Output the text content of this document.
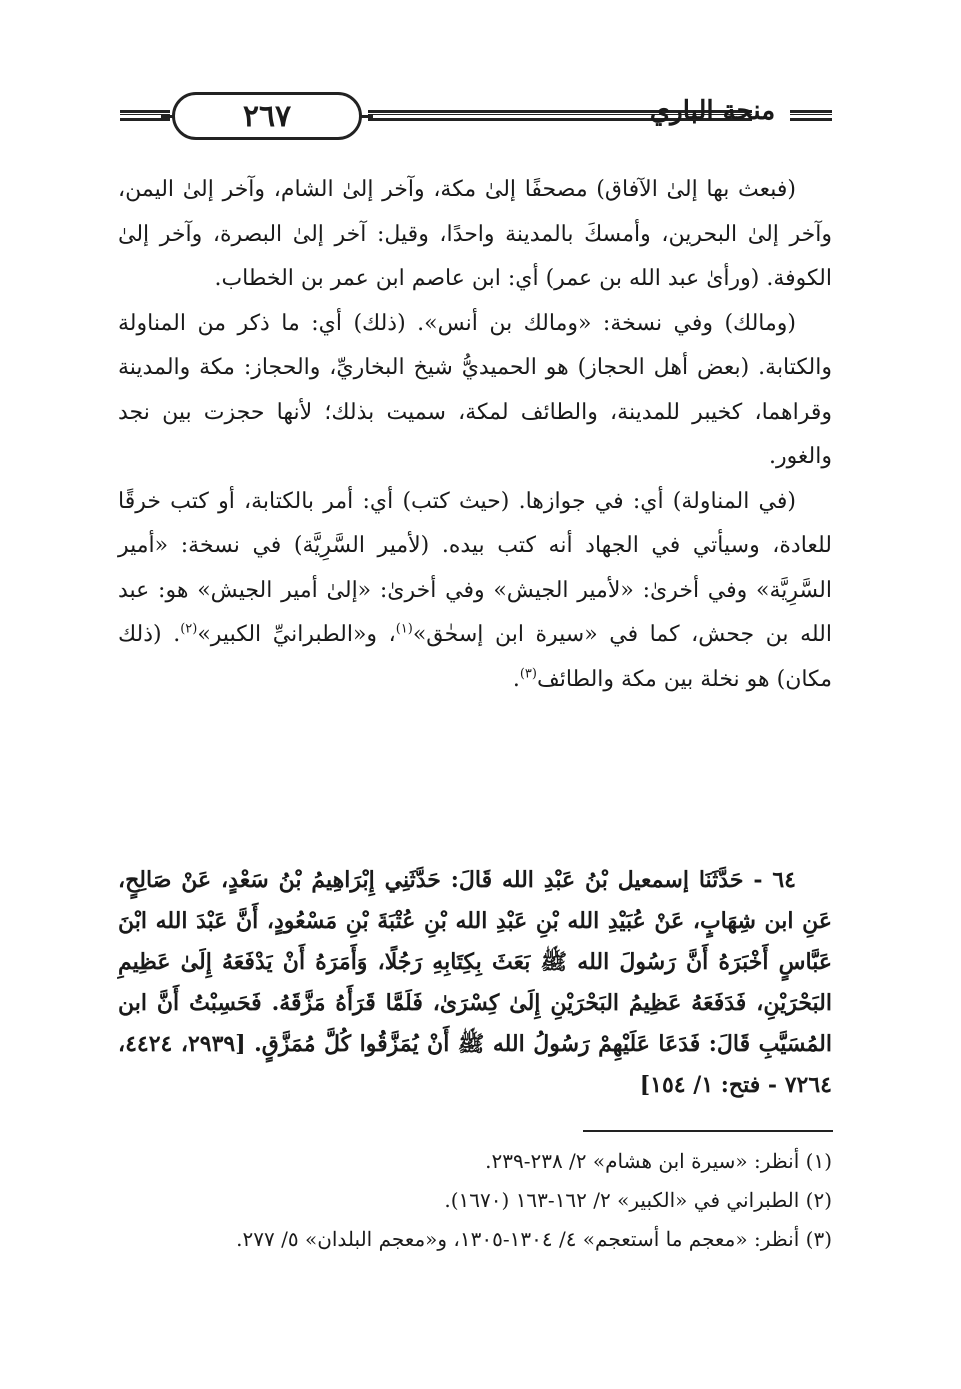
٢٦٧	منحة الباري

(فبعث بها إلىٰ الآفاق) مصحفًا إلىٰ مكة، وآخر إلىٰ الشام، وآخر إلىٰ اليمن، وآخر إلىٰ البحرين، وأمسكَ بالمدينة واحدًا، وقيل: آخر إلىٰ البصرة، وآخر إلىٰ الكوفة. (ورأىٰ عبد الله بن عمر) أي: ابن عاصم ابن عمر بن الخطاب.

(ومالك) وفي نسخة: «ومالك بن أنس». (ذلك) أي: ما ذكر من المناولة والكتابة. (بعض أهل الحجاز) هو الحميديُّ شيخ البخاريِّ، والحجاز: مكة والمدينة وقراهما، كخيبر للمدينة، والطائف لمكة، سميت بذلك؛ لأنها حجزت بين نجد والغور.

(في المناولة) أي: في جوازها. (حيث كتب) أي: أمر بالكتابة، أو كتب خرقًا للعادة، وسيأتي في الجهاد أنه كتب بيده. (لأمير السَّرِيَّة) في نسخة: «أمير السَّرِيَّة» وفي أخرىٰ: «لأمير الجيش» وفي أخرىٰ: «إلىٰ أمير الجيش» هو: عبد الله بن جحش، كما في «سيرة ابن إسحٰق»$^{(١)}$، و«الطبرانيِّ الكبير»$^{(٢)}$. (ذلك مكان) هو نخلة بين مكة والطائف$^{(٣)}$.

٦٤ - حَدَّثَنَا إسمعيل بْنُ عَبْدِ الله قَالَ: حَدَّثَنِي إِبْرَاهِيمُ بْنُ سَعْدٍ، عَنْ صَالِحٍ، عَنِ ابن شِهَابٍ، عَنْ عُبَيْدِ الله بْنِ عَبْدِ الله بْنِ عُتْبَةَ بْنِ مَسْعُودٍ، أَنَّ عَبْدَ الله ابْنَ عَبَّاسٍ أَخْبَرَهُ أَنَّ رَسُولَ الله ﷺ بَعَثَ بِكِتَابِهِ رَجُلًا، وَأَمَرَهُ أَنْ يَدْفَعَهُ إِلَىٰ عَظِيمِ البَحْرَيْنِ، فَدَفَعَهُ عَظِيمُ البَحْرَيْنِ إِلَىٰ كِسْرَىٰ، فَلَمَّا قَرَأَهُ مَزَّقَهُ. فَحَسِبْتُ أَنَّ ابن المُسَيَّبِ قَالَ: فَدَعَا عَلَيْهِمْ رَسُولُ الله ﷺ أَنْ يُمَزَّقُوا كُلَّ مُمَزَّقٍ. [٢٩٣٩، ٤٤٢٤، ٧٢٦٤ - فتح: ١/ ١٥٤]

(١) أنظر: «سيرة ابن هشام» ٢/ ٢٣٨-٢٣٩.

(٢) الطبراني في «الكبير» ٢/ ١٦٢-١٦٣ (١٦٧٠).

(٣) أنظر: «معجم ما أستعجم» ٤/ ١٣٠٤-١٣٠٥، و«معجم البلدان» ٥/ ٢٧٧.
